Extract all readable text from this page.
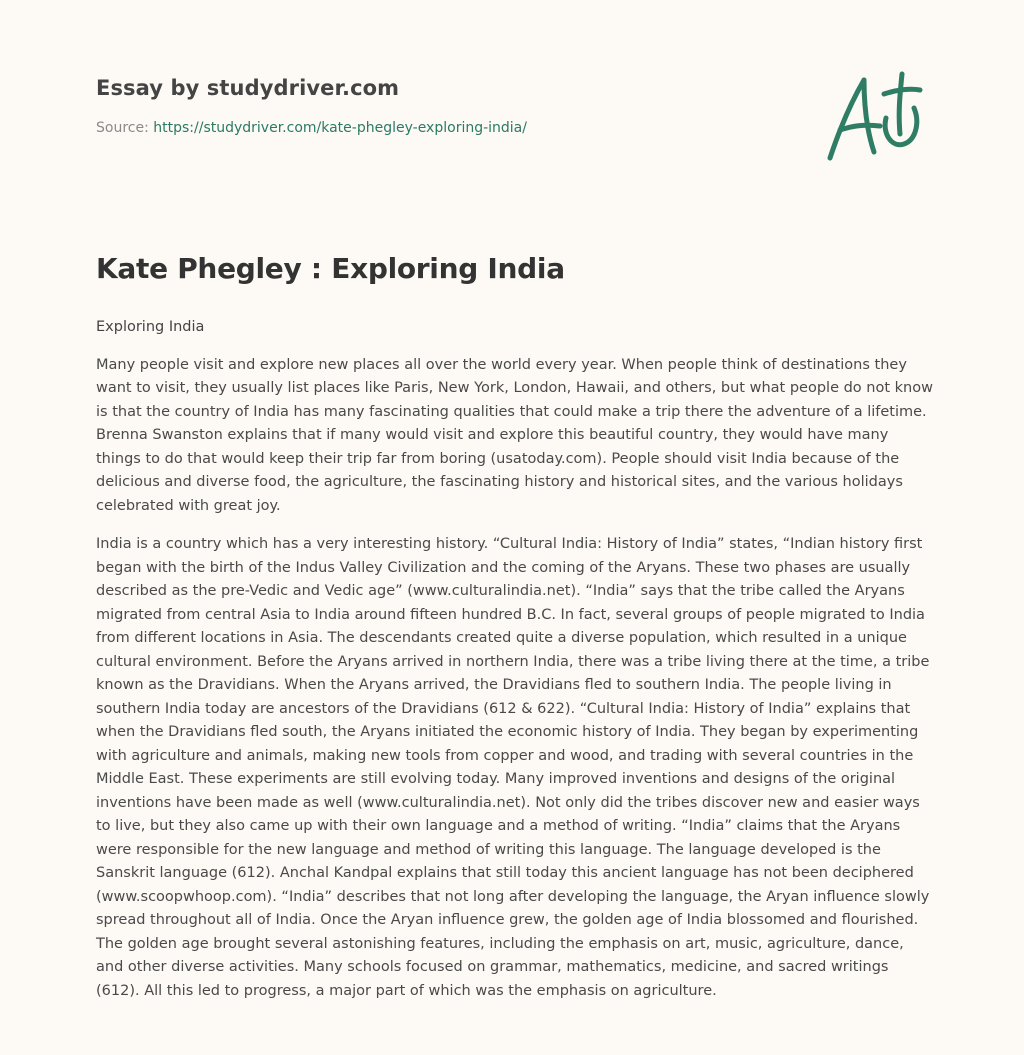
Essay by studydriver.com
Source: https://studydriver.com/kate-phegley-exploring-india/
Kate Phegley : Exploring India

Exploring India

Many people visit and explore new places all over the world every year. When people think of destinations they want to visit, they usually list places like Paris, New York, London, Hawaii, and others, but what people do not know is that the country of India has many fascinating qualities that could make a trip there the adventure of a lifetime. Brenna Swanston explains that if many would visit and explore this beautiful country, they would have many things to do that would keep their trip far from boring (usatoday.com). People should visit India because of the delicious and diverse food, the agriculture, the fascinating history and historical sites, and the various holidays celebrated with great joy.

India is a country which has a very interesting history. “Cultural India: History of India” states, “Indian history first began with the birth of the Indus Valley Civilization and the coming of the Aryans. These two phases are usually described as the pre-Vedic and Vedic age” (www.culturalindia.net). “India” says that the tribe called the Aryans migrated from central Asia to India around fifteen hundred B.C. In fact, several groups of people migrated to India from different locations in Asia. The descendants created quite a diverse population, which resulted in a unique cultural environment. Before the Aryans arrived in northern India, there was a tribe living there at the time, a tribe known as the Dravidians. When the Aryans arrived, the Dravidians fled to southern India. The people living in southern India today are ancestors of the Dravidians (612 & 622). “Cultural India: History of India” explains that when the Dravidians fled south, the Aryans initiated the economic history of India. They began by experimenting with agriculture and animals, making new tools from copper and wood, and trading with several countries in the Middle East. These experiments are still evolving today. Many improved inventions and designs of the original inventions have been made as well (www.culturalindia.net). Not only did the tribes discover new and easier ways to live, but they also came up with their own language and a method of writing. “India” claims that the Aryans were responsible for the new language and method of writing this language. The language developed is the Sanskrit language (612). Anchal Kandpal explains that still today this ancient language has not been deciphered (www.scoopwhoop.com). “India” describes that not long after developing the language, the Aryan influence slowly spread throughout all of India. Once the Aryan influence grew, the golden age of India blossomed and flourished. The golden age brought several astonishing features, including the emphasis on art, music, agriculture, dance, and other diverse activities. Many schools focused on grammar, mathematics, medicine, and sacred writings (612). All this led to progress, a major part of which was the emphasis on agriculture.
